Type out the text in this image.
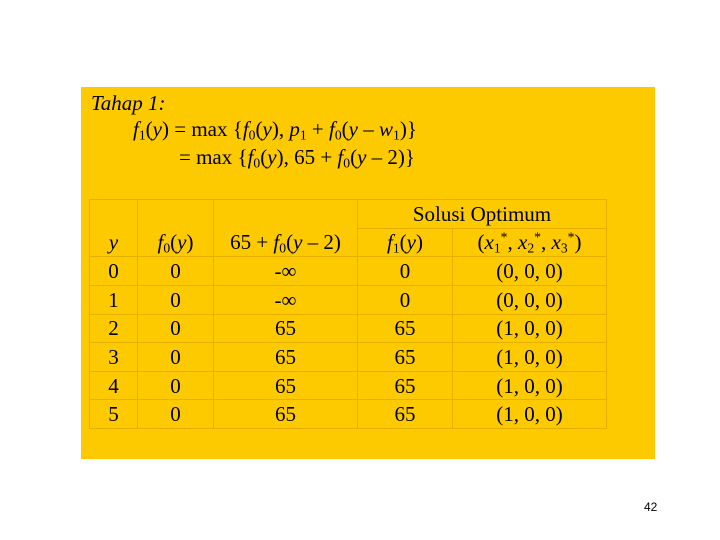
Tahap 1:
$f_1(y) = \max \{f_0(y)$, $p_1 + f_0(y - w_1)$}
= $\max \{f_0(y)$, $65 + f_0(y - 2)$}
			Solusi Optimum	
y	$f_0(y)$	$65 + f_0(y - 2)$	$f_1(y)$	($x_1^*$, $x_2^*$, $x_3^*$)
0	0	-∞	0	(0, 0, 0)
1	0	-∞	0	(0, 0, 0)
2	0	65	65	(1, 0, 0)
3	0	65	65	(1, 0, 0)
4	0	65	65	(1, 0, 0)
5	0	65	65	(1, 0, 0)
42
